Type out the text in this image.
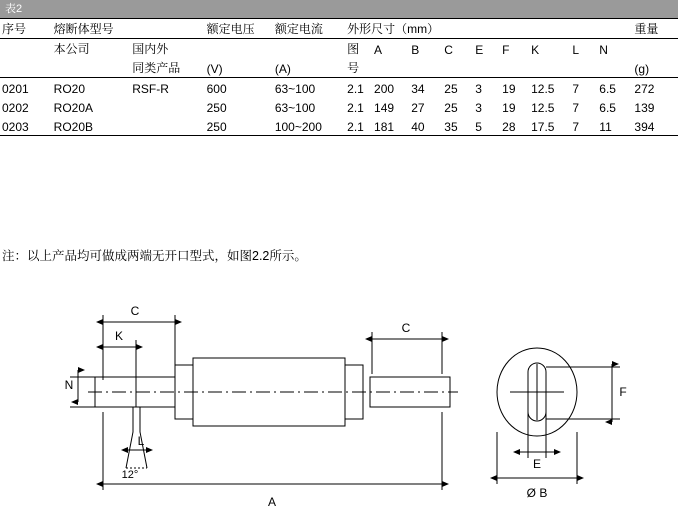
表2
序号	熔断体型号		额定电压	额定电流	外形尺寸（mm）									重量
	本公司	国内外			图	A	B	C	E	F	K	L	N	
		同类产品	(V)	(A)	号									(g)
0201	RO20	RSF-R	600	63~100	2.1	200	34	25	3	19	12.5	7	6.5	272
0202	RO20A		250	63~100	2.1	149	27	25	3	19	12.5	7	6.5	139
0203	RO20B		250	100~200	2.1	181	40	35	5	28	17.5	7	11	394
注：以上产品均可做成两端无开口型式，如图2.2所示。
C
K
N
C
L
12°
A
F
E
Ø B
